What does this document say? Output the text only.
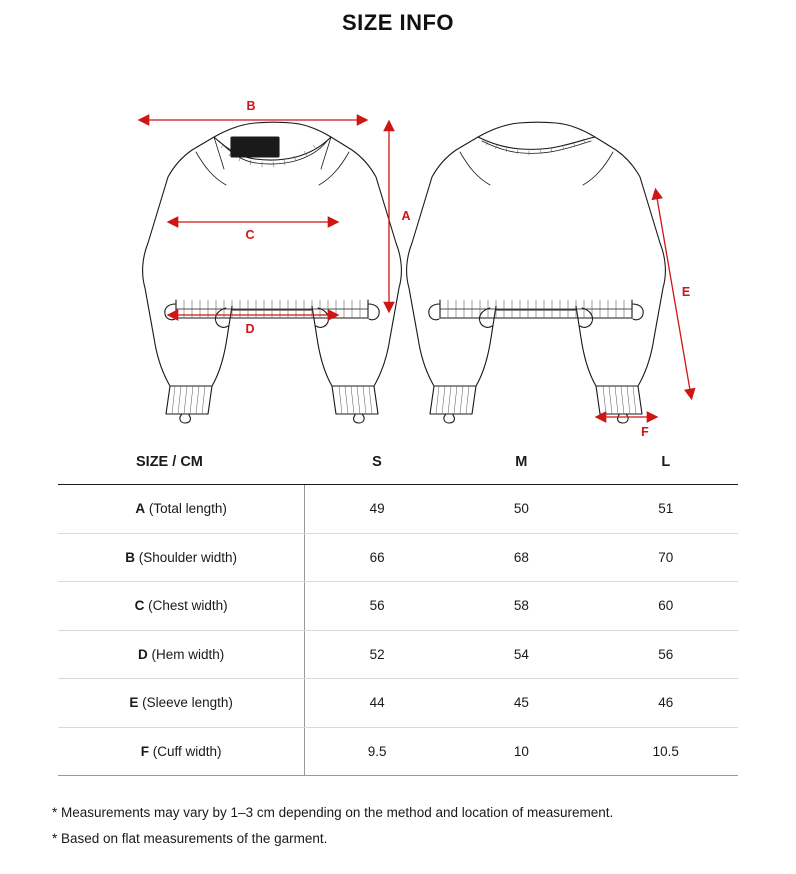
SIZE INFO
SHELIFE
B
A
C
D
E
F
SIZE / CM	S	M	L
A (Total length)	49	50	51
B (Shoulder width)	66	68	70
C (Chest width)	56	58	60
D (Hem width)	52	54	56
E (Sleeve length)	44	45	46
F (Cuff width)	9.5	10	10.5
* Measurements may vary by 1–3 cm depending on the method and location of measurement.
* Based on flat measurements of the garment.
